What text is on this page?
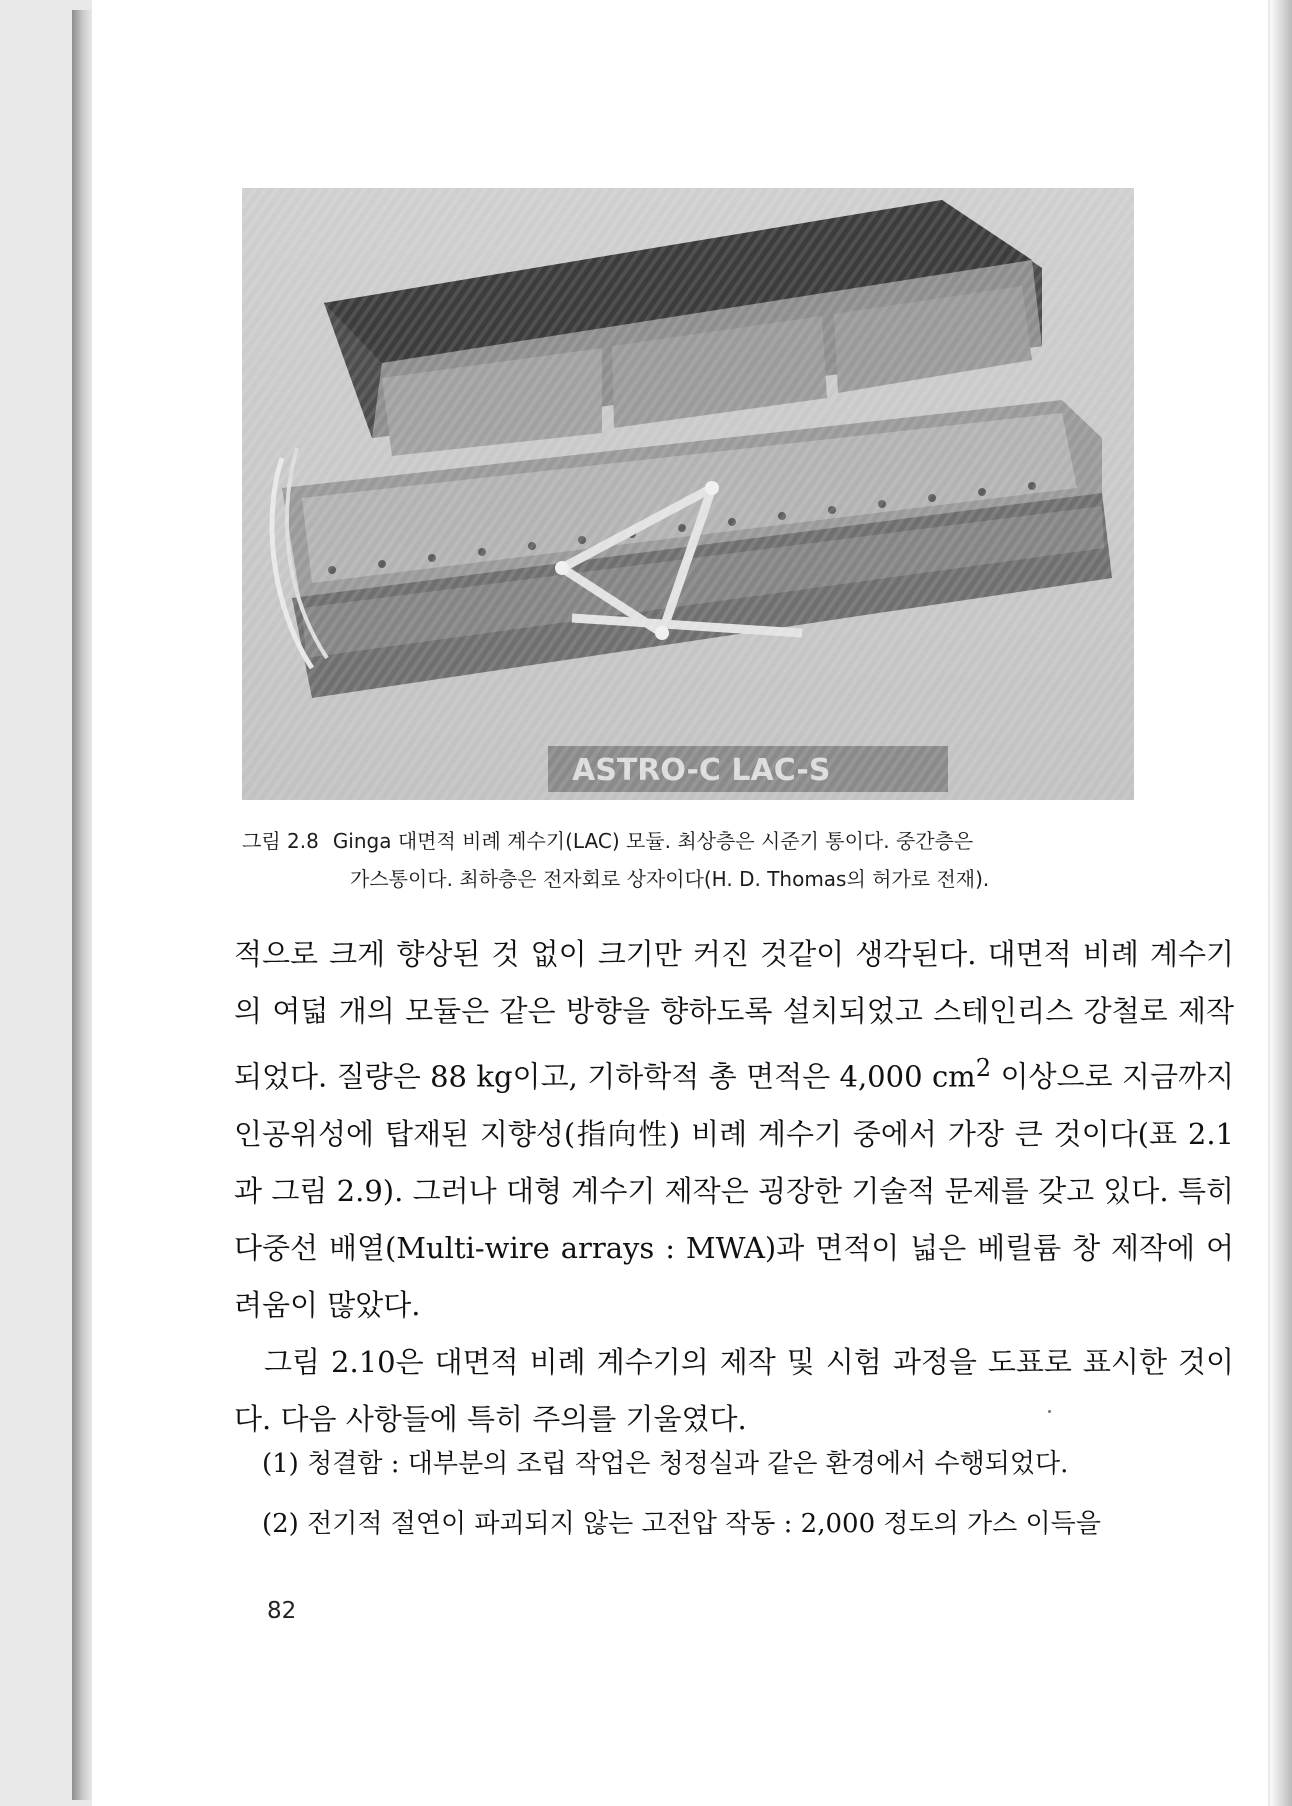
그림 2.8 Ginga 대면적 비례 계수기(LAC) 모듈. 최상층은 시준기 통이다. 중간층은
가스통이다. 최하층은 전자회로 상자이다(H. D. Thomas의 허가로 전재).

적으로 크게 향상된 것 없이 크기만 커진 것같이 생각된다. 대면적 비례 계수기의 여덟 개의 모듈은 같은 방향을 향하도록 설치되었고 스테인리스 강철로 제작되었다. 질량은 88 kg이고, 기하학적 총 면적은 4,000 $cm^2$ 이상으로 지금까지 인공위성에 탑재된 지향성(指向性) 비례 계수기 중에서 가장 큰 것이다(표 2.1과 그림 2.9). 그러나 대형 계수기 제작은 굉장한 기술적 문제를 갖고 있다. 특히 다중선 배열(Multi-wire arrays : MWA)과 면적이 넓은 베릴륨 창 제작에 어려움이 많았다.

그림 2.10은 대면적 비례 계수기의 제작 및 시험 과정을 도표로 표시한 것이다. 다음 사항들에 특히 주의를 기울였다.

(1) 청결함 : 대부분의 조립 작업은 청정실과 같은 환경에서 수행되었다.
(2) 전기적 절연이 파괴되지 않는 고전압 작동 : 2,000 정도의 가스 이득을
82
